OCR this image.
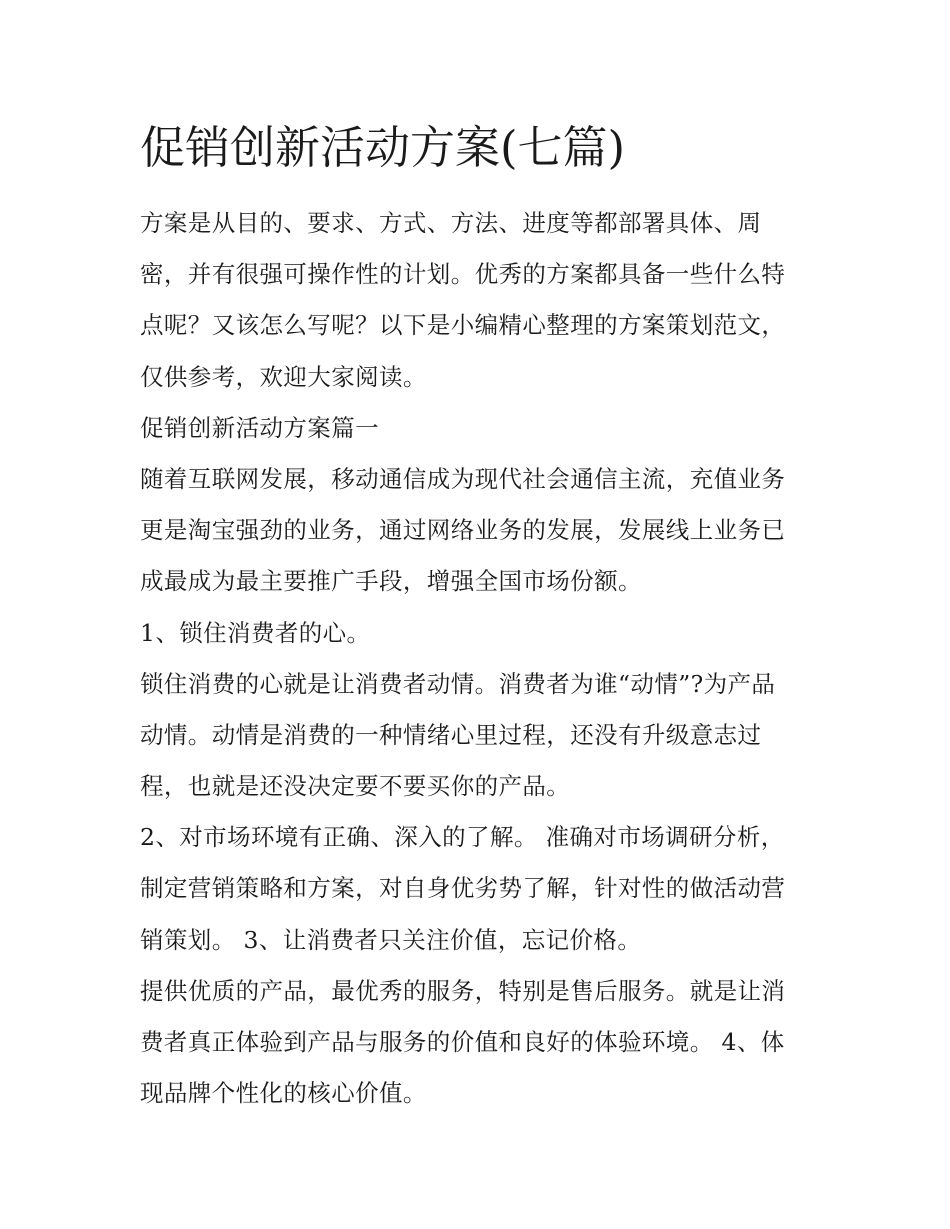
促销创新活动方案(七篇)
方案是从目的、要求、方式、方法、进度等都部署具体、周
密，并有很强可操作性的计划。优秀的方案都具备一些什么特
点呢？又该怎么写呢？以下是小编精心整理的方案策划范文，
仅供参考，欢迎大家阅读。
促销创新活动方案篇一
随着互联网发展，移动通信成为现代社会通信主流，充值业务
更是淘宝强劲的业务，通过网络业务的发展，发展线上业务已
成最成为最主要推广手段，增强全国市场份额。
1、锁住消费者的心。
锁住消费的心就是让消费者动情。消费者为谁“动情”?为产品
动情。动情是消费的一种情绪心里过程，还没有升级意志过
程，也就是还没决定要不要买你的产品。
2、对市场环境有正确、深入的了解。 准确对市场调研分析，
制定营销策略和方案，对自身优劣势了解，针对性的做活动营
销策划。 3、让消费者只关注价值，忘记价格。
提供优质的产品，最优秀的服务，特别是售后服务。就是让消
费者真正体验到产品与服务的价值和良好的体验环境。 4、体
现品牌个性化的核心价值。
